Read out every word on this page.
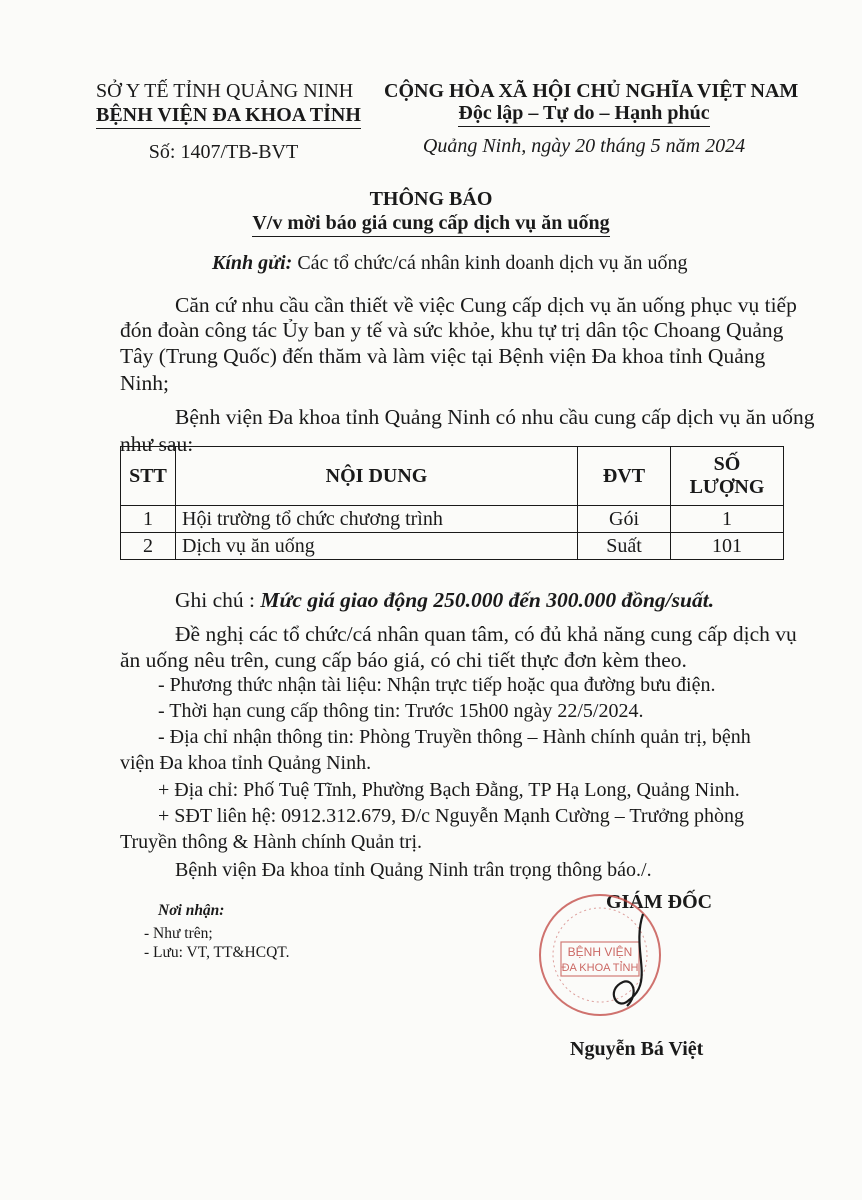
SỞ Y TẾ TỈNH QUẢNG NINH
BỆNH VIỆN ĐA KHOA TỈNH
Số: 1407/TB-BVT
CỘNG HÒA XÃ HỘI CHỦ NGHĨA VIỆT NAM
Độc lập – Tự do – Hạnh phúc
Quảng Ninh, ngày 20 tháng 5 năm 2024
THÔNG BÁO
V/v mời báo giá cung cấp dịch vụ ăn uống
Kính gửi: Các tổ chức/cá nhân kinh doanh dịch vụ ăn uống
Căn cứ nhu cầu cần thiết về việc Cung cấp dịch vụ ăn uống phục vụ tiếp
đón đoàn công tác Ủy ban y tế và sức khỏe, khu tự trị dân tộc Choang Quảng
Tây (Trung Quốc) đến thăm và làm việc tại Bệnh viện Đa khoa tỉnh Quảng
Ninh;
Bệnh viện Đa khoa tỉnh Quảng Ninh có nhu cầu cung cấp dịch vụ ăn uống
như sau:
STT	NỘI DUNG	ĐVT	SỐ
LƯỢNG

1	Hội trường tổ chức chương trình	Gói	1
2	Dịch vụ ăn uống	Suất	101
Ghi chú : Mức giá giao động 250.000 đến 300.000 đồng/suất.
Đề nghị các tổ chức/cá nhân quan tâm, có đủ khả năng cung cấp dịch vụ
ăn uống nêu trên, cung cấp báo giá, có chi tiết thực đơn kèm theo.
- Phương thức nhận tài liệu: Nhận trực tiếp hoặc qua đường bưu điện.
- Thời hạn cung cấp thông tin: Trước 15h00 ngày 22/5/2024.
- Địa chỉ nhận thông tin: Phòng Truyền thông – Hành chính quản trị, bệnh
viện Đa khoa tỉnh Quảng Ninh.
+ Địa chỉ: Phố Tuệ Tĩnh, Phường Bạch Đằng, TP Hạ Long, Quảng Ninh.
+ SĐT liên hệ: 0912.312.679, Đ/c Nguyễn Mạnh Cường – Trưởng phòng
Truyền thông & Hành chính Quản trị.
Bệnh viện Đa khoa tỉnh Quảng Ninh trân trọng thông báo./.
Nơi nhận:
- Như trên;
- Lưu: VT, TT&HCQT.
GIÁM ĐỐC
BỆNH VIỆN
ĐA KHOA TỈNH
Nguyễn Bá Việt
